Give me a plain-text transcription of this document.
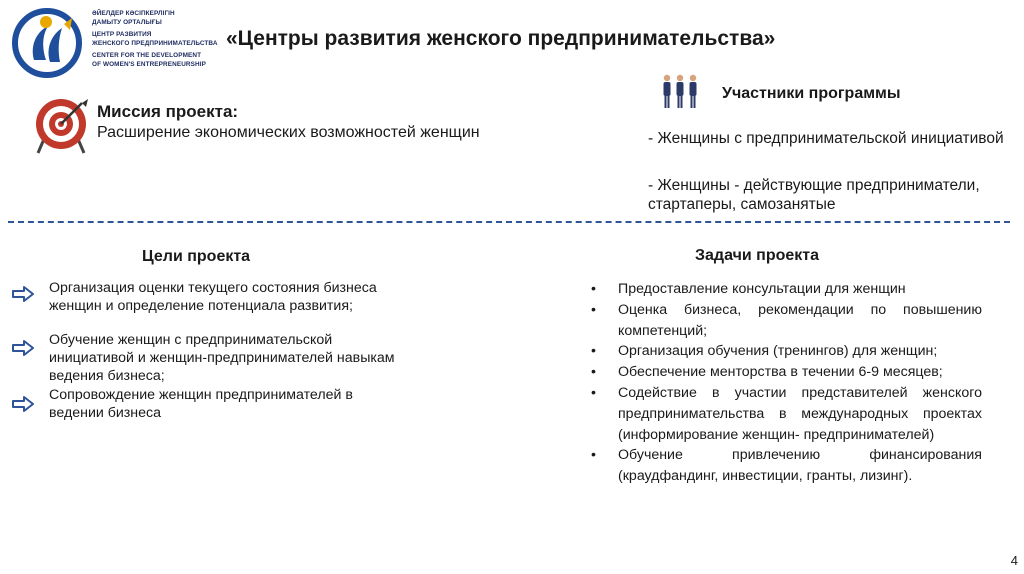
ӘЙЕЛДЕР КӘСІПКЕРЛІГІН
ДАМЫТУ ОРТАЛЫҒЫ
ЦЕНТР РАЗВИТИЯ
ЖЕНСКОГО ПРЕДПРИНИМАТЕЛЬСТВА
CENTER FOR THE DEVELOPMENT
OF WOMEN'S ENTREPRENEURSHIP
«Центры развития женского предпринимательства»
Миссия проекта:
Расширение экономических возможностей женщин
Участники программы
- Женщины с предпринимательской инициативой
- Женщины - действующие предприниматели, стартаперы, самозанятые
Цели проекта
Организация оценки текущего состояния бизнеса женщин и определение потенциала развития;
Обучение женщин с предпринимательской инициативой и женщин-предпринимателей навыкам ведения бизнеса;
Сопровождение женщин предпринимателей в ведении бизнеса
Задачи проекта
• Предоставление консультации для женщин
• Оценка бизнеса, рекомендации по повышению компетенций;
• Организация обучения (тренингов) для женщин;
• Обеспечение менторства в течении 6-9 месяцев;
• Содействие в участии представителей женского предпринимательства в международных проектах (информирование женщин- предпринимателей)
• Обучение привлечению финансирования (краудфандинг, инвестиции, гранты, лизинг).
4
